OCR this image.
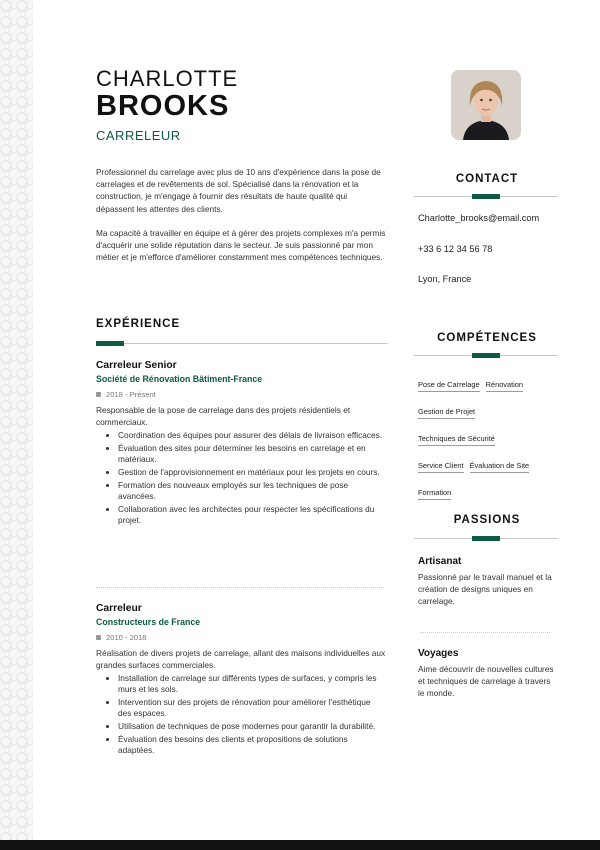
CHARLOTTE
BROOKS
CARRELEUR

Professionnel du carrelage avec plus de 10 ans d'expérience dans la pose de carrelages et de revêtements de sol. Spécialisé dans la rénovation et la construction, je m'engage à fournir des résultats de haute qualité qui dépassent les attentes des clients.

Ma capacité à travailler en équipe et à gérer des projets complexes m'a permis d'acquérir une solide réputation dans le secteur. Je suis passionné par mon métier et je m'efforce d'améliorer constamment mes compétences techniques.

CONTACT
Charlotte_brooks@email.com
+33 6 12 34 56 78
Lyon, France
COMPÉTENCES
Pose de Carrelage Rénovation
Gestion de Projet
Techniques de Sécurité
Service Client Évaluation de Site
Formation
PASSIONS
Artisanat
Passionné par le travail manuel et la création de designs uniques en carrelage.
Voyages
Aime découvrir de nouvelles cultures et techniques de carrelage à travers le monde.
EXPÉRIENCE
Carreleur Senior
Société de Rénovation Bâtiment-France
2018 - Présent
Responsable de la pose de carrelage dans des projets résidentiels et commerciaux.
• Coordination des équipes pour assurer des délais de livraison efficaces.
• Évaluation des sites pour déterminer les besoins en carrelage et en matériaux.
• Gestion de l'approvisionnement en matériaux pour les projets en cours.
• Formation des nouveaux employés sur les techniques de pose avancées.
• Collaboration avec les architectes pour respecter les spécifications du projet.
Carreleur
Constructeurs de France
2010 - 2018
Réalisation de divers projets de carrelage, allant des maisons individuelles aux grandes surfaces commerciales.
• Installation de carrelage sur différents types de surfaces, y compris les murs et les sols.
• Intervention sur des projets de rénovation pour améliorer l'esthétique des espaces.
• Utilisation de techniques de pose modernes pour garantir la durabilité.
• Évaluation des besoins des clients et propositions de solutions adaptées.
